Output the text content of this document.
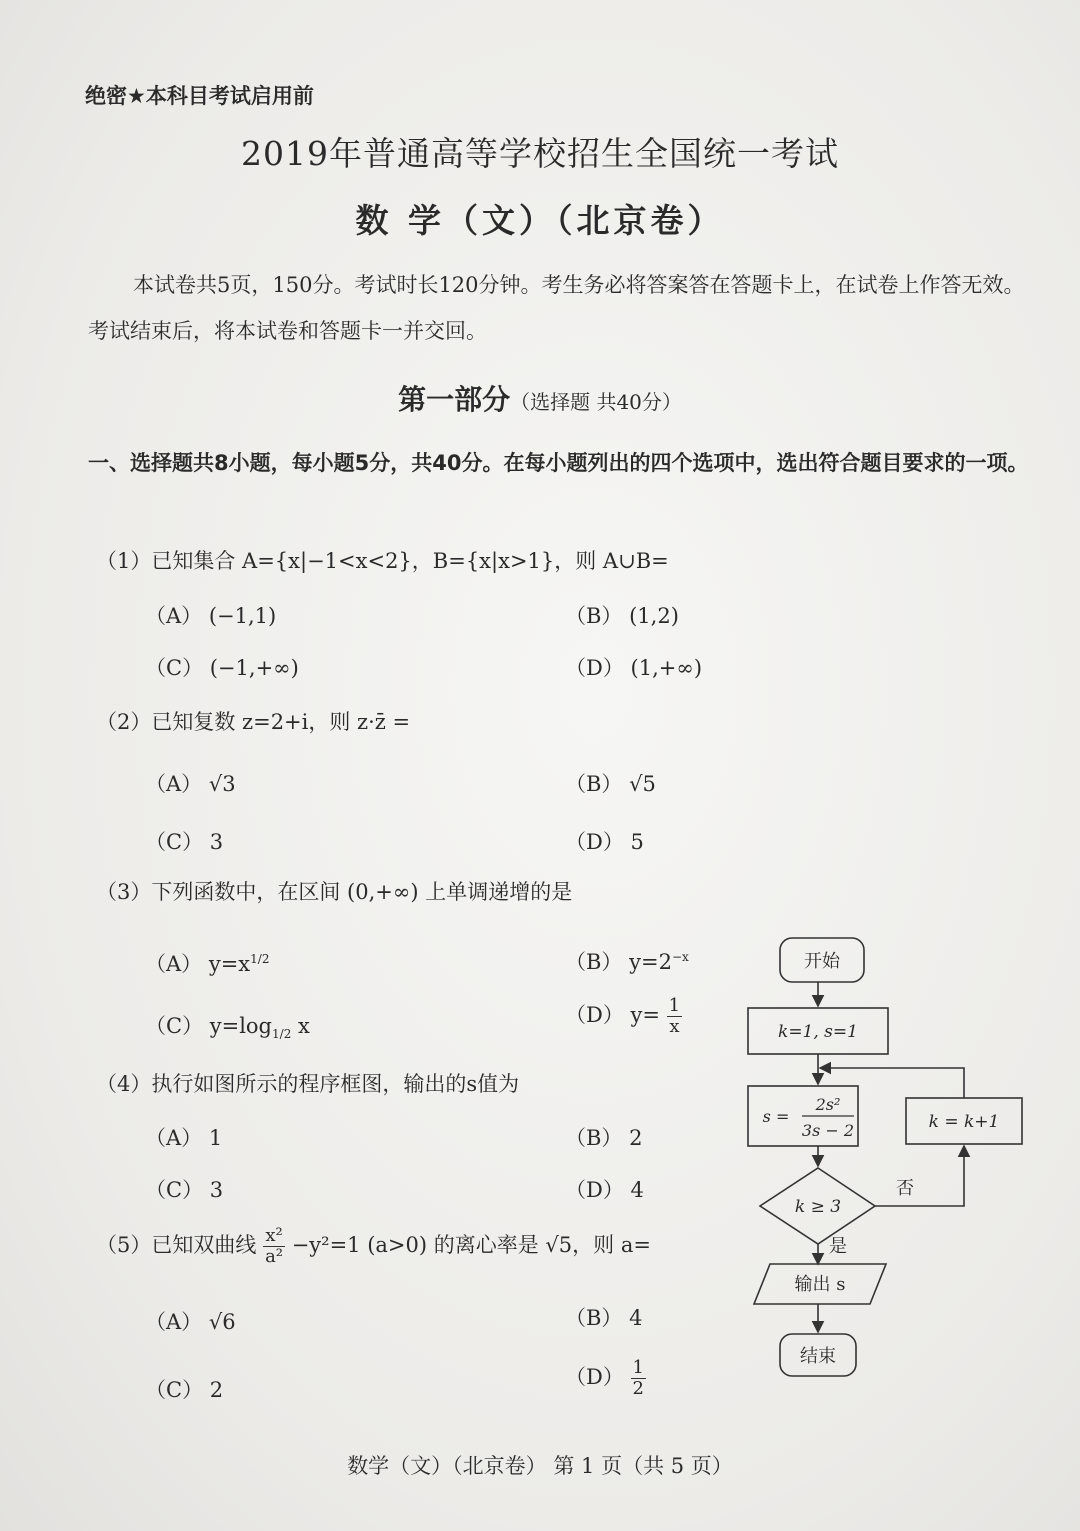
绝密★本科目考试启用前
2019年普通高等学校招生全国统一考试
数 学（文）（北京卷）
本试卷共5页，150分。考试时长120分钟。考生务必将答案答在答题卡上，在试卷上作答无效。考试结束后，将本试卷和答题卡一并交回。
第一部分（选择题 共40分）
一、选择题共8小题，每小题5分，共40分。在每小题列出的四个选项中，选出符合题目要求的一项。
（1）已知集合 A={x|−1<x<2}，B={x|x>1}，则 A∪B=
（A） (−1,1)	（B） (1,2)
（C） (−1,+∞)	（D） (1,+∞)
（2）已知复数 z=2+i，则 z·z̄ =
（A） √3	（B） √5
（C） 3	（D） 5
（3）下列函数中，在区间 (0,+∞) 上单调递增的是
（A） $y=x^{1/2}$	（B） $y=2^{-x}$
（C） $y=\log_{1/2}$ x	（D） $y= \frac{1}{x}$
（4）执行如图所示的程序框图，输出的s值为
（A） 1	（B） 2
（C） 3	（D） 4
（5）已知双曲线 $\frac{\text{x²}}{\text{a²}} -y^2=1$ (a>0) 的离心率是 √5，则 a=
（A） √6	（B） 4
（C） 2
$(D) \frac{1}{2}$
开始
k=1, s=1
s =
2s²
3s − 2	k = k+1
k ≥ 3
否
是
输出 s
结束
数学（文）（北京卷） 第 1 页（共 5 页）
